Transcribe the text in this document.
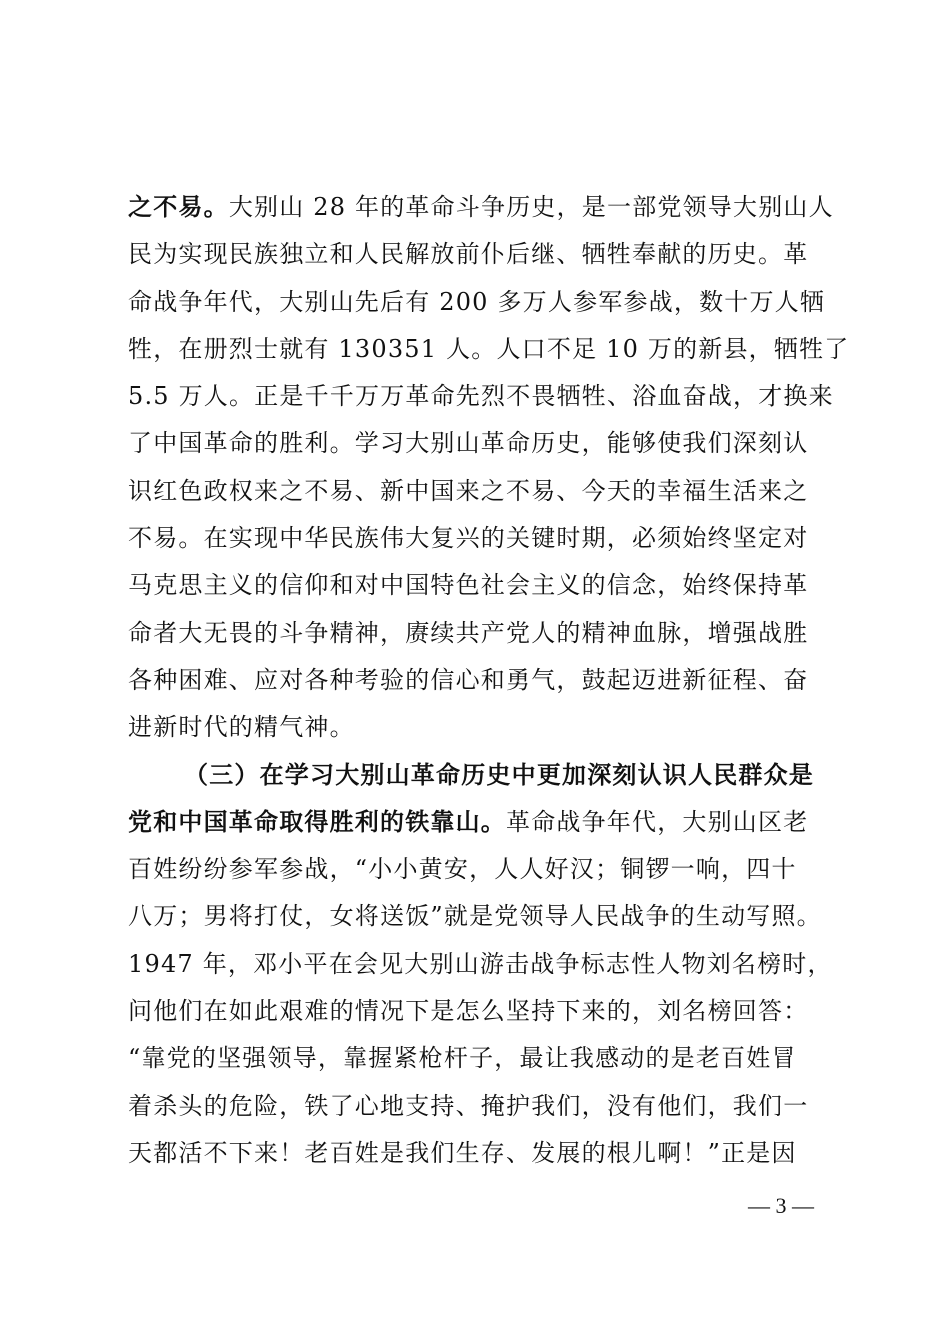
之不易。大别山 28 年的革命斗争历史，是一部党领导大别山人
民为实现民族独立和人民解放前仆后继、牺牲奉献的历史。革
命战争年代，大别山先后有 200 多万人参军参战，数十万人牺
牲，在册烈士就有 130351 人。人口不足 10 万的新县，牺牲了
5.5 万人。正是千千万万革命先烈不畏牺牲、浴血奋战，才换来
了中国革命的胜利。学习大别山革命历史，能够使我们深刻认
识红色政权来之不易、新中国来之不易、今天的幸福生活来之
不易。在实现中华民族伟大复兴的关键时期，必须始终坚定对
马克思主义的信仰和对中国特色社会主义的信念，始终保持革
命者大无畏的斗争精神，赓续共产党人的精神血脉，增强战胜
各种困难、应对各种考验的信心和勇气，鼓起迈进新征程、奋
进新时代的精气神。
（三）在学习大别山革命历史中更加深刻认识人民群众是
党和中国革命取得胜利的铁靠山。革命战争年代，大别山区老
百姓纷纷参军参战，“小小黄安，人人好汉；铜锣一响，四十
八万；男将打仗，女将送饭”就是党领导人民战争的生动写照。
1947 年，邓小平在会见大别山游击战争标志性人物刘名榜时，
问他们在如此艰难的情况下是怎么坚持下来的，刘名榜回答：
“靠党的坚强领导，靠握紧枪杆子，最让我感动的是老百姓冒
着杀头的危险，铁了心地支持、掩护我们，没有他们，我们一
天都活不下来！老百姓是我们生存、发展的根儿啊！”正是因
— 3 —
